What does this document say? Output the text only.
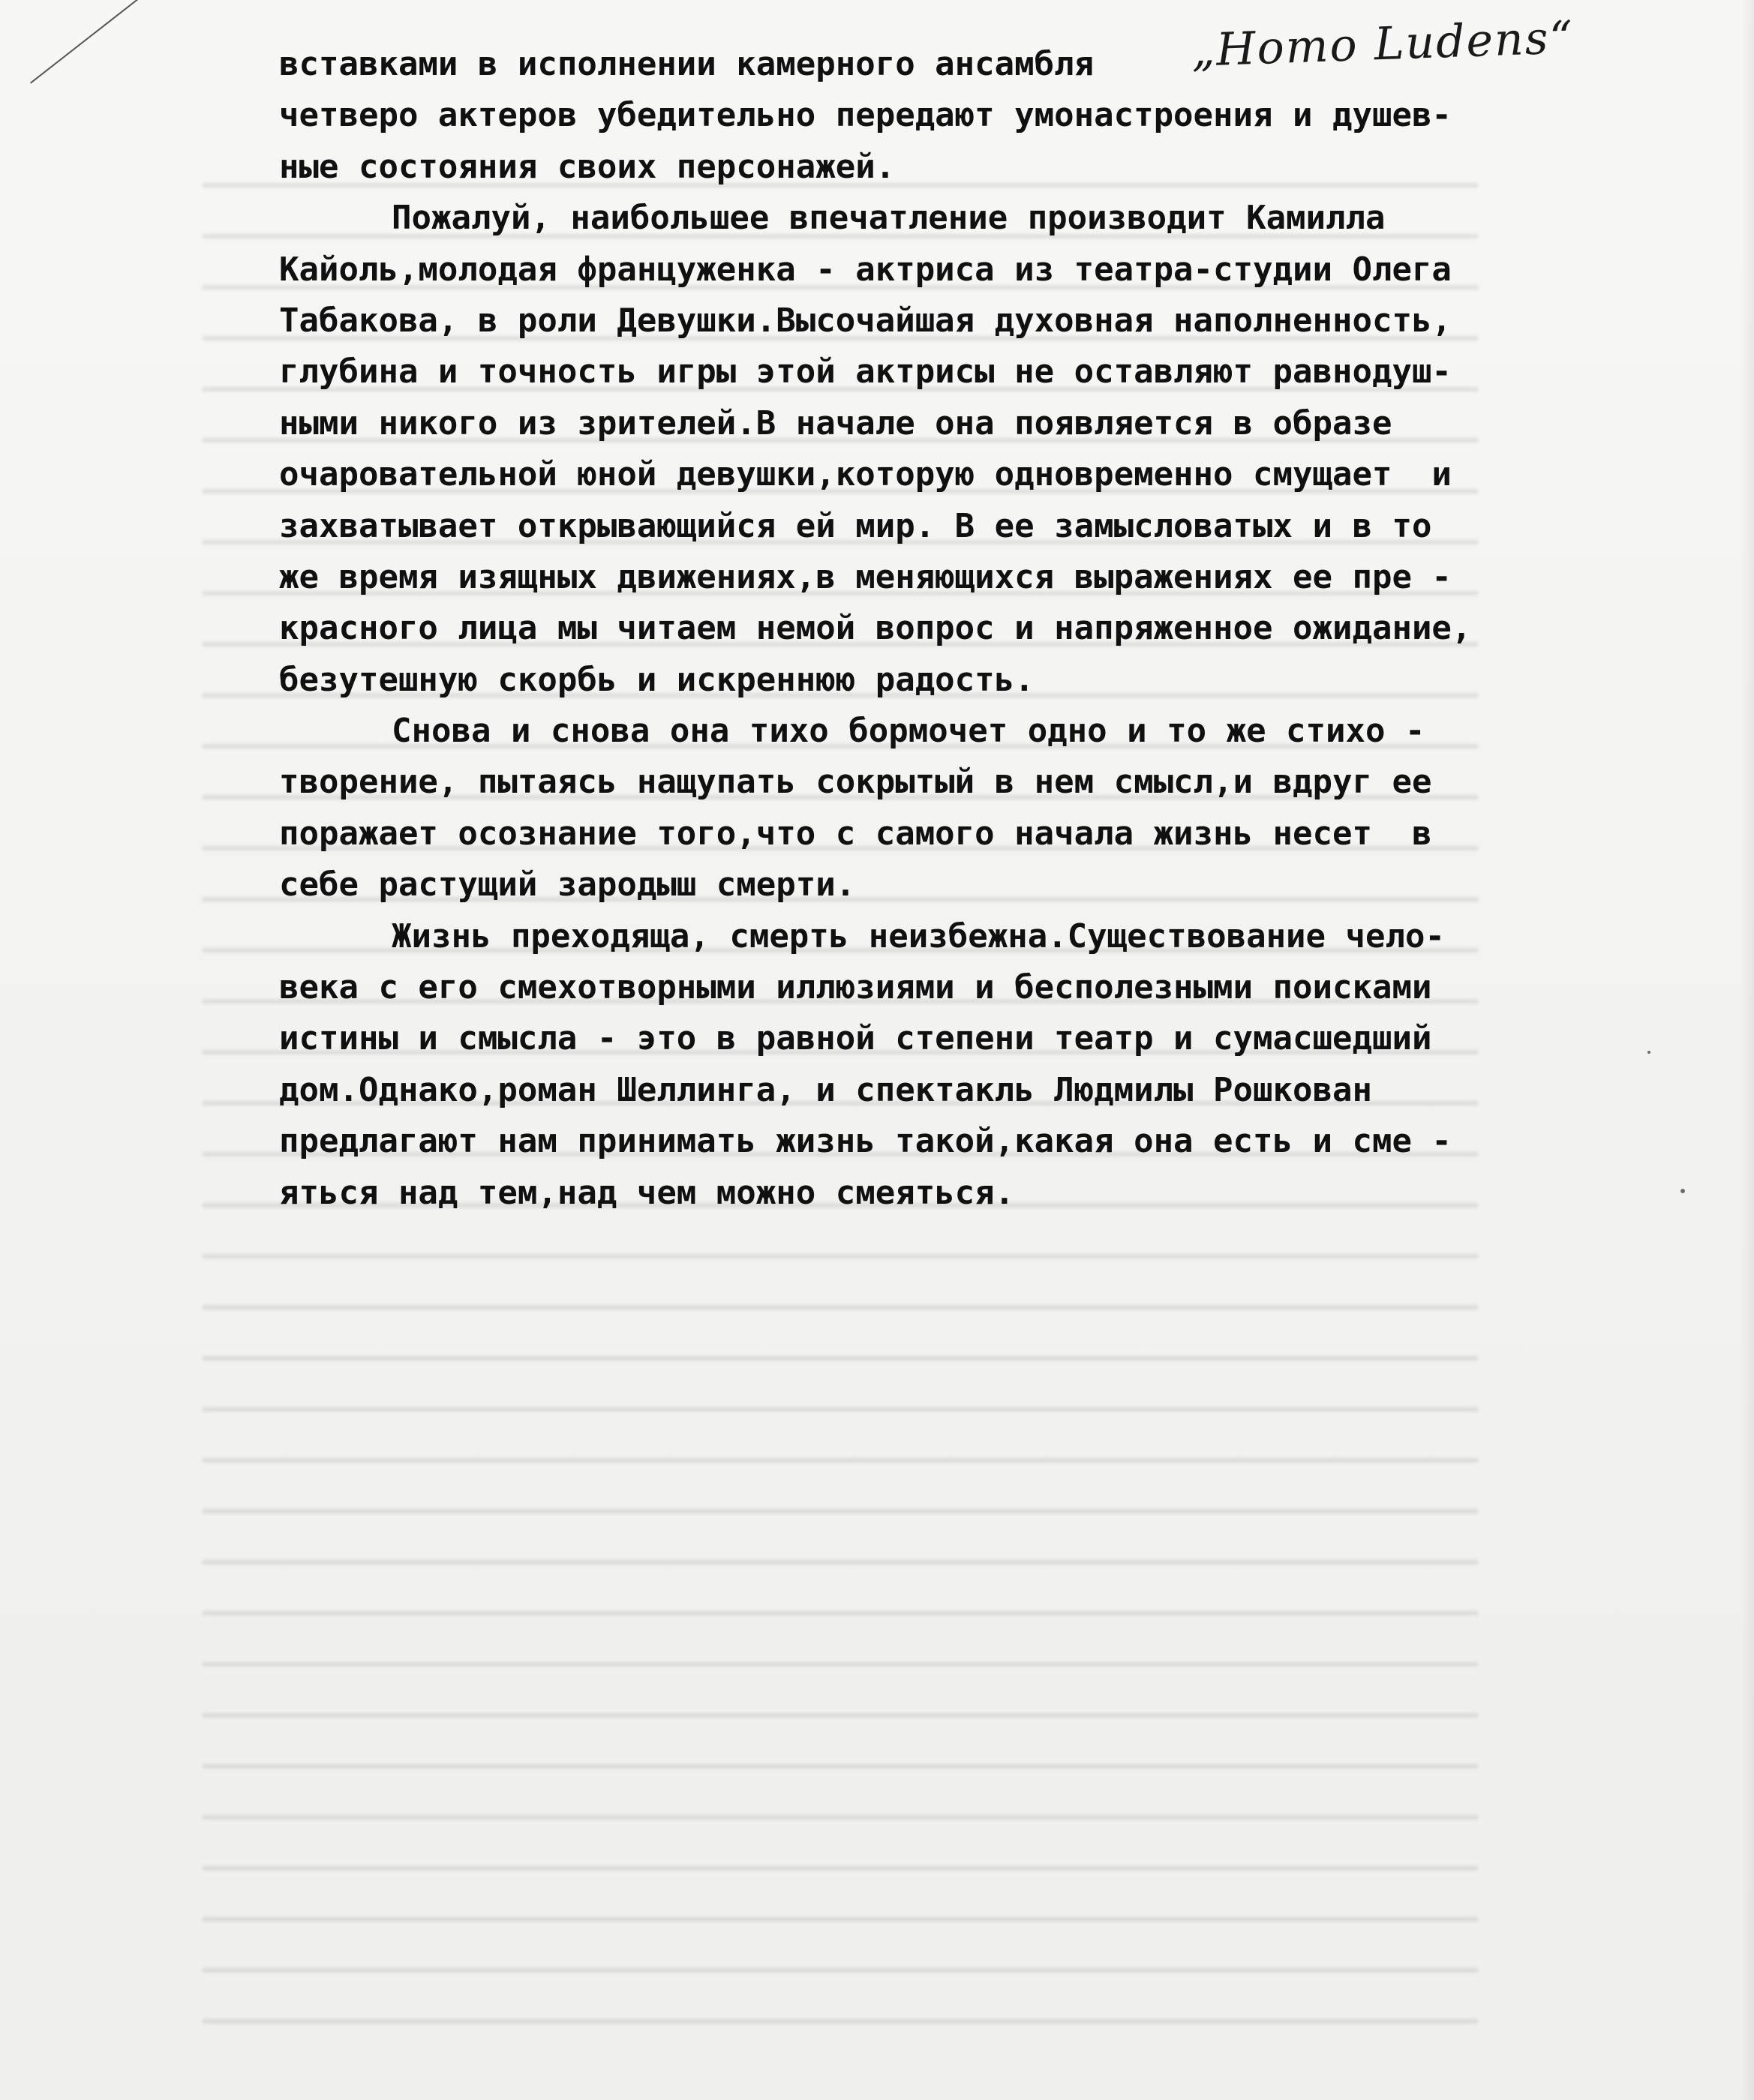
„Homo Ludens“
вставками в исполнении камерного ансамбля
четверо актеров убедительно передают умонастроения и душев-
ные состояния своих персонажей.
Пожалуй, наибольшее впечатление производит Камилла
Кайоль,молодая француженка - актриса из театра-студии Олега
Табакова, в роли Девушки.Высочайшая духовная наполненность,
глубина и точность игры этой актрисы не оставляют равнодуш-
ными никого из зрителей.В начале она появляется в образе
очаровательной юной девушки,которую одновременно смущает  и
захватывает открывающийся ей мир. В ее замысловатых и в то
же время изящных движениях,в меняющихся выражениях ее пре -
красного лица мы читаем немой вопрос и напряженное ожидание,
безутешную скорбь и искреннюю радость.
Снова и снова она тихо бормочет одно и то же стихо -
творение, пытаясь нащупать сокрытый в нем смысл,и вдруг ее
поражает осознание того,что с самого начала жизнь несет  в
себе растущий зародыш смерти.
Жизнь преходяща, смерть неизбежна.Существование чело-
века с его смехотворными иллюзиями и бесполезными поисками
истины и смысла - это в равной степени театр и сумасшедший
дом.Однако,роман Шеллинга, и спектакль Людмилы Рошкован
предлагают нам принимать жизнь такой,какая она есть и сме -
яться над тем,над чем можно смеяться.
